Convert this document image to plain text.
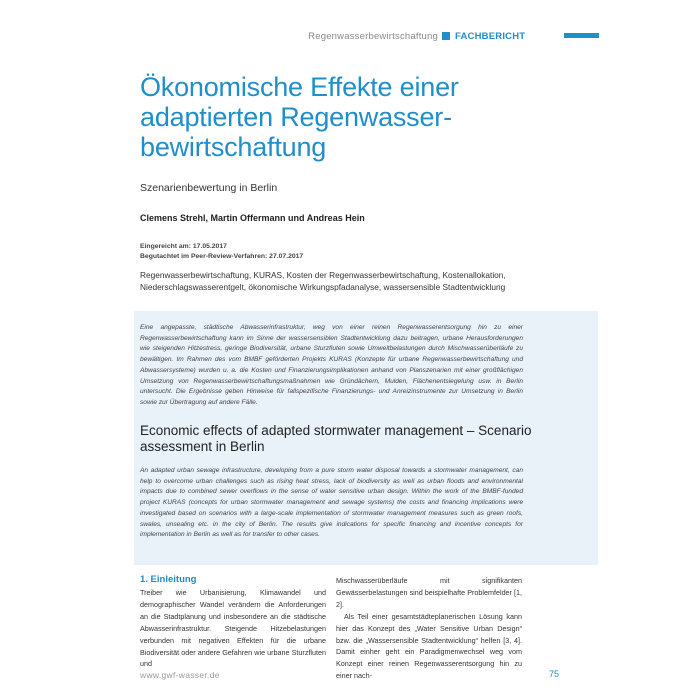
Regenwasserbewirtschaftung FACHBERICHT
Ökonomische Effekte einer adaptierten Regenwasserbewirtschaftung
Szenarienbewertung in Berlin
Clemens Strehl, Martin Offermann und Andreas Hein
Eingereicht am: 17.05.2017
Begutachtet im Peer-Review-Verfahren: 27.07.2017
Regenwasserbewirtschaftung, KURAS, Kosten der Regenwasserbewirtschaftung, Kostenallokation, Niederschlagswasserentgelt, ökonomische Wirkungspfadanalyse, wassersensible Stadtentwicklung
Eine angepasste, städtische Abwasserinfrastruktur, weg von einer reinen Regenwasserentsorgung hin zu einer Regenwasserbewirtschaftung kann im Sinne der wassersensiblen Stadtentwicklung dazu beitragen, urbane Herausforderungen wie steigenden Hitzestress, geringe Biodiversität, urbane Sturzfluten sowie Umweltbelastungen durch Mischwasserüberläufe zu bewältigen. Im Rahmen des vom BMBF geförderten Projekts KURAS (Konzepte für urbane Regenwasserbewirtschaftung und Abwassersysteme) wurden u. a. die Kosten und Finanzierungsimplikationen anhand von Planszenarien mit einer großflächigen Umsetzung von Regenwasserbewirtschaftungsmaßnahmen wie Gründächern, Mulden, Flächenentsiegelung usw. in Berlin untersucht. Die Ergebnisse geben Hinweise für fallspezifische Finanzierungs- und Anreizinstrumente zur Umsetzung in Berlin sowie zur Übertragung auf andere Fälle.
Economic effects of adapted stormwater management – Scenario assessment in Berlin
An adapted urban sewage infrastructure, developing from a pure storm water disposal towards a stormwater management, can help to overcome urban challenges such as rising heat stress, lack of biodiversity as well as urban floods and environmental impacts due to combined sewer overflows in the sense of water sensitive urban design. Within the work of the BMBF-funded project KURAS (concepts for urban stormwater management and sewage systems) the costs and financing implications were investigated based on scenarios with a large-scale implementation of stormwater management measures such as green roofs, swales, unsealing etc. in the city of Berlin. The results give indications for specific financing and incentive concepts for implementation in Berlin as well as for transfer to other cases.
1. Einleitung
Treiber wie Urbanisierung, Klimawandel und demographischer Wandel verändern die Anforderungen an die Stadtplanung und insbesondere an die städtische Abwasserinfrastruktur. Steigende Hitzebelastungen verbunden mit negativen Effekten für die urbane Biodiversität oder andere Gefahren wie urbane Sturzfluten und

Mischwasserüberläufe mit signifikanten Gewässerbelastungen sind beispielhafte Problemfelder [1, 2].

Als Teil einer gesamtstädteplanerischen Lösung kann hier das Konzept des „Water Sensitive Urban Design“ bzw. die „Wassersensible Stadtentwicklung“ helfen [3, 4]. Damit einher geht ein Paradigmenwechsel weg vom Konzept einer reinen Regenwasserentsorgung hin zu einer nach-

www.gwf-wasser.de	75
